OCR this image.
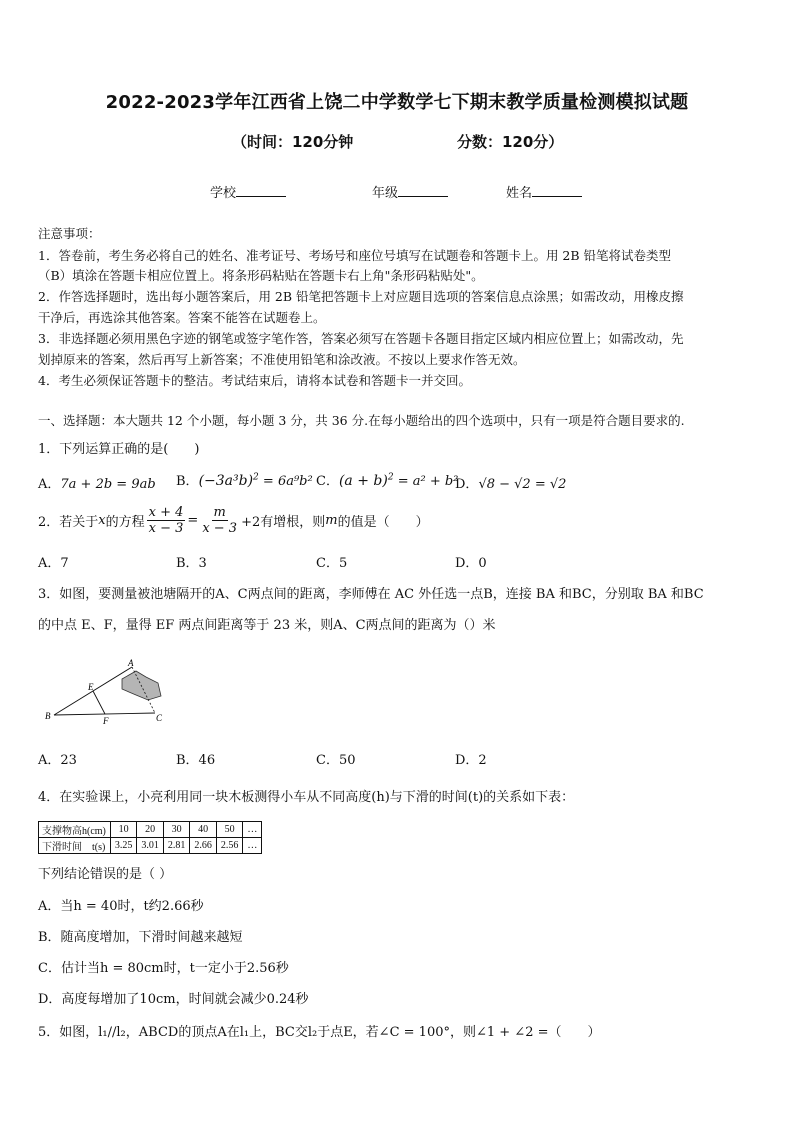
2022-2023学年江西省上饶二中学数学七下期末教学质量检测模拟试题
（时间：120分钟	分数：120分）
学校	年级	姓名
注意事项：
1．答卷前，考生务必将自己的姓名、准考证号、考场号和座位号填写在试题卷和答题卡上。用 2B 铅笔将试卷类型
（B）填涂在答题卡相应位置上。将条形码粘贴在答题卡右上角"条形码粘贴处"。
2．作答选择题时，选出每小题答案后，用 2B 铅笔把答题卡上对应题目选项的答案信息点涂黑；如需改动，用橡皮擦
干净后，再选涂其他答案。答案不能答在试题卷上。
3．非选择题必须用黑色字迹的钢笔或签字笔作答，答案必须写在答题卡各题目指定区域内相应位置上；如需改动，先
划掉原来的答案，然后再写上新答案；不准使用铅笔和涂改液。不按以上要求作答无效。
4．考生必须保证答题卡的整洁。考试结束后，请将本试卷和答题卡一并交回。
一、选择题：本大题共 12 个小题，每小题 3 分，共 36 分.在每小题给出的四个选项中，只有一项是符合题目要求的.
1．下列运算正确的是(　　)
A．7a + 2b = 9ab B．$(-3a^3b)^2 = 6a^9b^2$ C．$(a + b)^2 = a^2 + b^2$
D．√8 − √2 = √2
2．若关于 x 的方程 $\frac{x + 4}{x - 3} = \frac{m}{x - 3} +2$有增根，则 m 的值是（　　）
A．7	B．3	C．5	D．0
3．如图，要测量被池塘隔开的A、C两点间的距离，李师傅在 AC 外任选一点B，连接 BA 和BC，分别取 BA 和BC
的中点 E、F，量得 EF 两点间距离等于 23 米，则A、C两点间的距离为（）米
A
B	C
E
F
A．23	B．46	C．50	D．2
4．在实验课上，小亮利用同一块木板测得小车从不同高度(h)与下滑的时间(t)的关系如下表：
支撑物高h(cm)	10	20	30	40	50	…
下滑时间　t(s)	3.25	3.01	2.81	2.66	2.56	…
下列结论错误的是（ ）
A．当h = 40时，t约2.66秒
B．随高度增加，下滑时间越来越短
C．估计当h = 80cm时，t一定小于2.56秒
D．高度每增加了10cm，时间就会减少0.24秒
5．如图，l₁//l₂，ABCD的顶点A在l₁上，BC交l₂于点E，若∠C = 100°，则∠1 + ∠2 =（　　）
